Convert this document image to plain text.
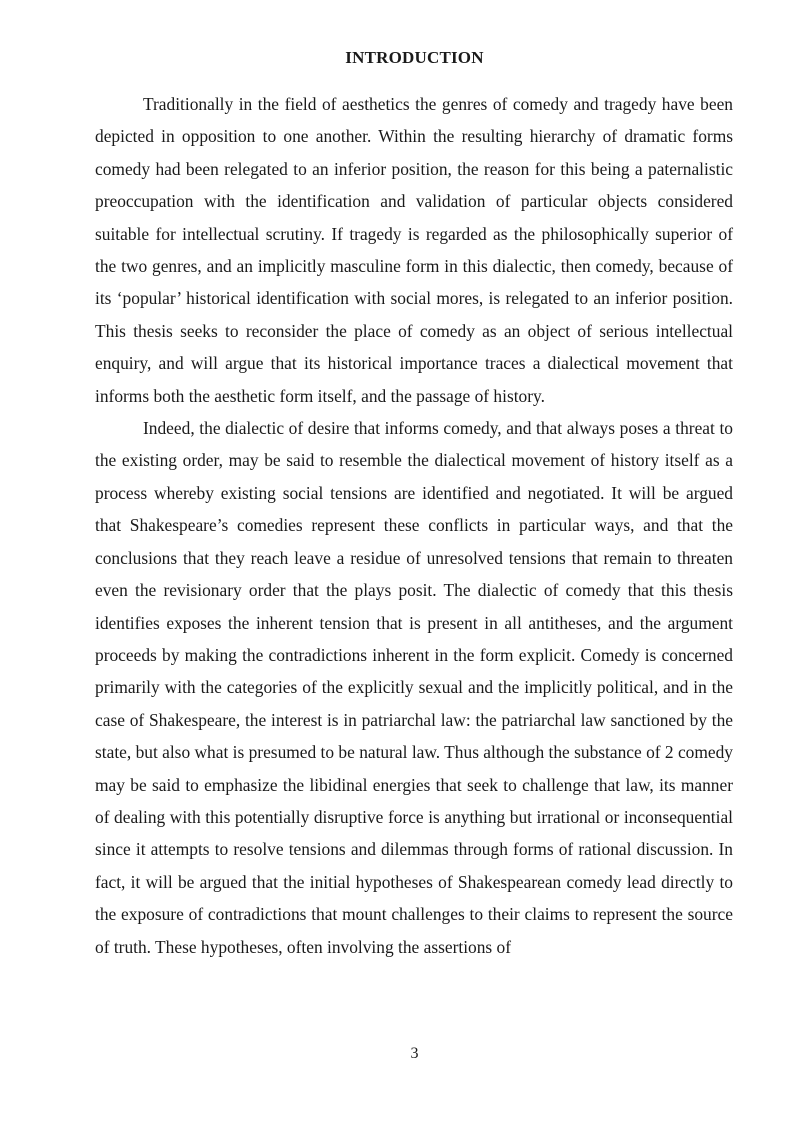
INTRODUCTION

Traditionally in the field of aesthetics the genres of comedy and tragedy have been depicted in opposition to one another. Within the resulting hierarchy of dramatic forms comedy had been relegated to an inferior position, the reason for this being a paternalistic preoccupation with the identification and validation of particular objects considered suitable for intellectual scrutiny. If tragedy is regarded as the philosophically superior of the two genres, and an implicitly masculine form in this dialectic, then comedy, because of its ‘popular’ historical identification with social mores, is relegated to an inferior position. This thesis seeks to reconsider the place of comedy as an object of serious intellectual enquiry, and will argue that its historical importance traces a dialectical movement that informs both the aesthetic form itself, and the passage of history.

Indeed, the dialectic of desire that informs comedy, and that always poses a threat to the existing order, may be said to resemble the dialectical movement of history itself as a process whereby existing social tensions are identified and negotiated. It will be argued that Shakespeare’s comedies represent these conflicts in particular ways, and that the conclusions that they reach leave a residue of unresolved tensions that remain to threaten even the revisionary order that the plays posit. The dialectic of comedy that this thesis identifies exposes the inherent tension that is present in all antitheses, and the argument proceeds by making the contradictions inherent in the form explicit. Comedy is concerned primarily with the categories of the explicitly sexual and the implicitly political, and in the case of Shakespeare, the interest is in patriarchal law: the patriarchal law sanctioned by the state, but also what is presumed to be natural law. Thus although the substance of 2 comedy may be said to emphasize the libidinal energies that seek to challenge that law, its manner of dealing with this potentially disruptive force is anything but irrational or inconsequential since it attempts to resolve tensions and dilemmas through forms of rational discussion. In fact, it will be argued that the initial hypotheses of Shakespearean comedy lead directly to the exposure of contradictions that mount challenges to their claims to represent the source of truth. These hypotheses, often involving the assertions of

3
